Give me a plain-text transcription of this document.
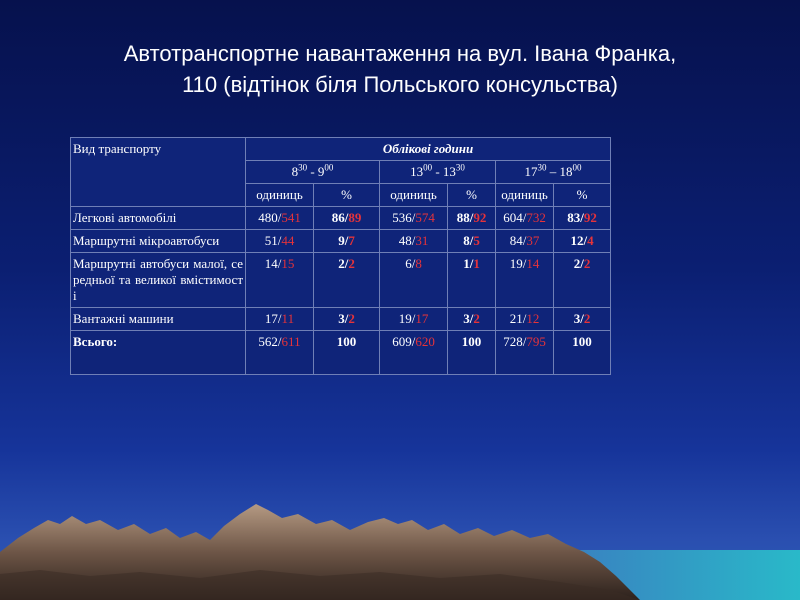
Автотранспортне навантаження на вул. Івана Франка,
110 (відтінок біля Польського консульства)
Вид транспорту	Облікові години					
	$8^{30} - 9^{00}$		$13^{00} - 13^{30}$		$17^{30} - 18^{00}$
	одиниць	%	одиниць	%	одиниць	%
Легкові автомобілі	480/541	86/89	536/574	88/92	604/732	83/92
Маршрутні мікроавтобуси	51/44	9/7	48/31	8/5	84/37	12/4
Маршрутні автобуси малої, середньої та великої вмістимості	14/15	2/2	6/8	1/1	19/14	2/2
Вантажні машини	17/11	3/2	19/17	3/2	21/12	3/2
Всього:	562/611	100	609/620	100	728/795	100
